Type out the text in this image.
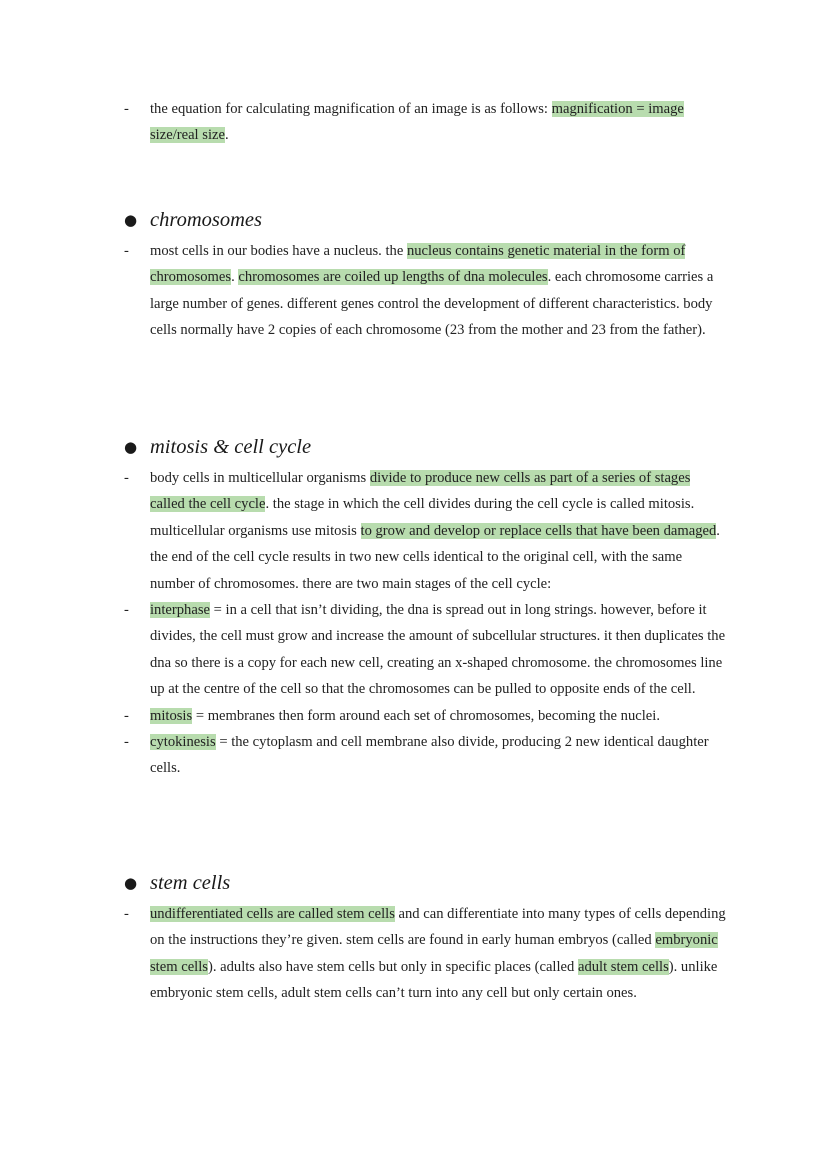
- the equation for calculating magnification of an image is as follows: magnification = image size/real size.
● chromosomes
- most cells in our bodies have a nucleus. the nucleus contains genetic material in the form of chromosomes. chromosomes are coiled up lengths of dna molecules. each chromosome carries a large number of genes. different genes control the development of different characteristics. body cells normally have 2 copies of each chromosome (23 from the mother and 23 from the father).
● mitosis & cell cycle
- body cells in multicellular organisms divide to produce new cells as part of a series of stages called the cell cycle. the stage in which the cell divides during the cell cycle is called mitosis. multicellular organisms use mitosis to grow and develop or replace cells that have been damaged. the end of the cell cycle results in two new cells identical to the original cell, with the same number of chromosomes. there are two main stages of the cell cycle:
- interphase = in a cell that isn’t dividing, the dna is spread out in long strings. however, before it divides, the cell must grow and increase the amount of subcellular structures. it then duplicates the dna so there is a copy for each new cell, creating an x-shaped chromosome. the chromosomes line up at the centre of the cell so that the chromosomes can be pulled to opposite ends of the cell.
- mitosis = membranes then form around each set of chromosomes, becoming the nuclei.
- cytokinesis = the cytoplasm and cell membrane also divide, producing 2 new identical daughter cells.
● stem cells
- undifferentiated cells are called stem cells and can differentiate into many types of cells depending on the instructions they’re given. stem cells are found in early human embryos (called embryonic stem cells). adults also have stem cells but only in specific places (called adult stem cells). unlike embryonic stem cells, adult stem cells can’t turn into any cell but only certain ones.
